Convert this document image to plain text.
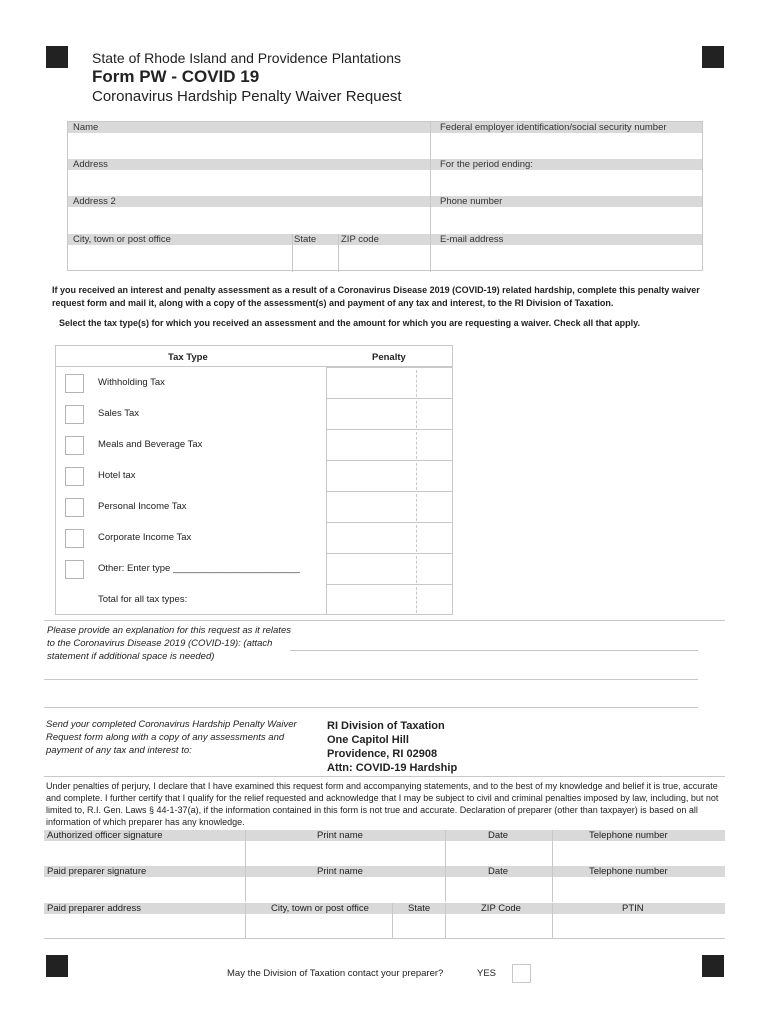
State of Rhode Island and Providence Plantations
Form PW - COVID 19
Coronavirus Hardship Penalty Waiver Request
Name	Federal employer identification/social security number
Address	For the period ending:
Address 2	Phone number
City, town or post office	State	ZIP code	E-mail address
If you received an interest and penalty assessment as a result of a Coronavirus Disease 2019 (COVID-19) related hardship, complete this penalty waiver request form and mail it, along with a copy of the assessment(s) and payment of any tax and interest, to the RI Division of Taxation.
Select the tax type(s) for which you received an assessment and the amount for which you are requesting a waiver. Check all that apply.
Tax Type	Penalty
Withholding Tax
Sales Tax
Meals and Beverage Tax
Hotel tax
Personal Income Tax
Corporate Income Tax
Other: Enter type ________________________
Total for all tax types:
Please provide an explanation for this request as it relates to the Coronavirus Disease 2019 (COVID-19): (attach statement if additional space is needed)
Send your completed Coronavirus Hardship Penalty Waiver Request form along with a copy of any assessments and payment of any tax and interest to:
RI Division of Taxation
One Capitol Hill
Providence, RI 02908
Attn: COVID-19 Hardship
Under penalties of perjury, I declare that I have examined this request form and accompanying statements, and to the best of my knowledge and belief it is true, accurate and complete. I further certify that I qualify for the relief requested and acknowledge that I may be subject to civil and criminal penalties imposed by law, including, but not limited to, R.I. Gen. Laws § 44-1-37(a), if the information contained in this form is not true and accurate. Declaration of preparer (other than taxpayer) is based on all information of which preparer has any knowledge.
Authorized officer signature	Print name	Date	Telephone number
Paid preparer signature	Print name	Date	Telephone number
Paid preparer address	City, town or post office	State	ZIP Code	PTIN
May the Division of Taxation contact your preparer?	YES
